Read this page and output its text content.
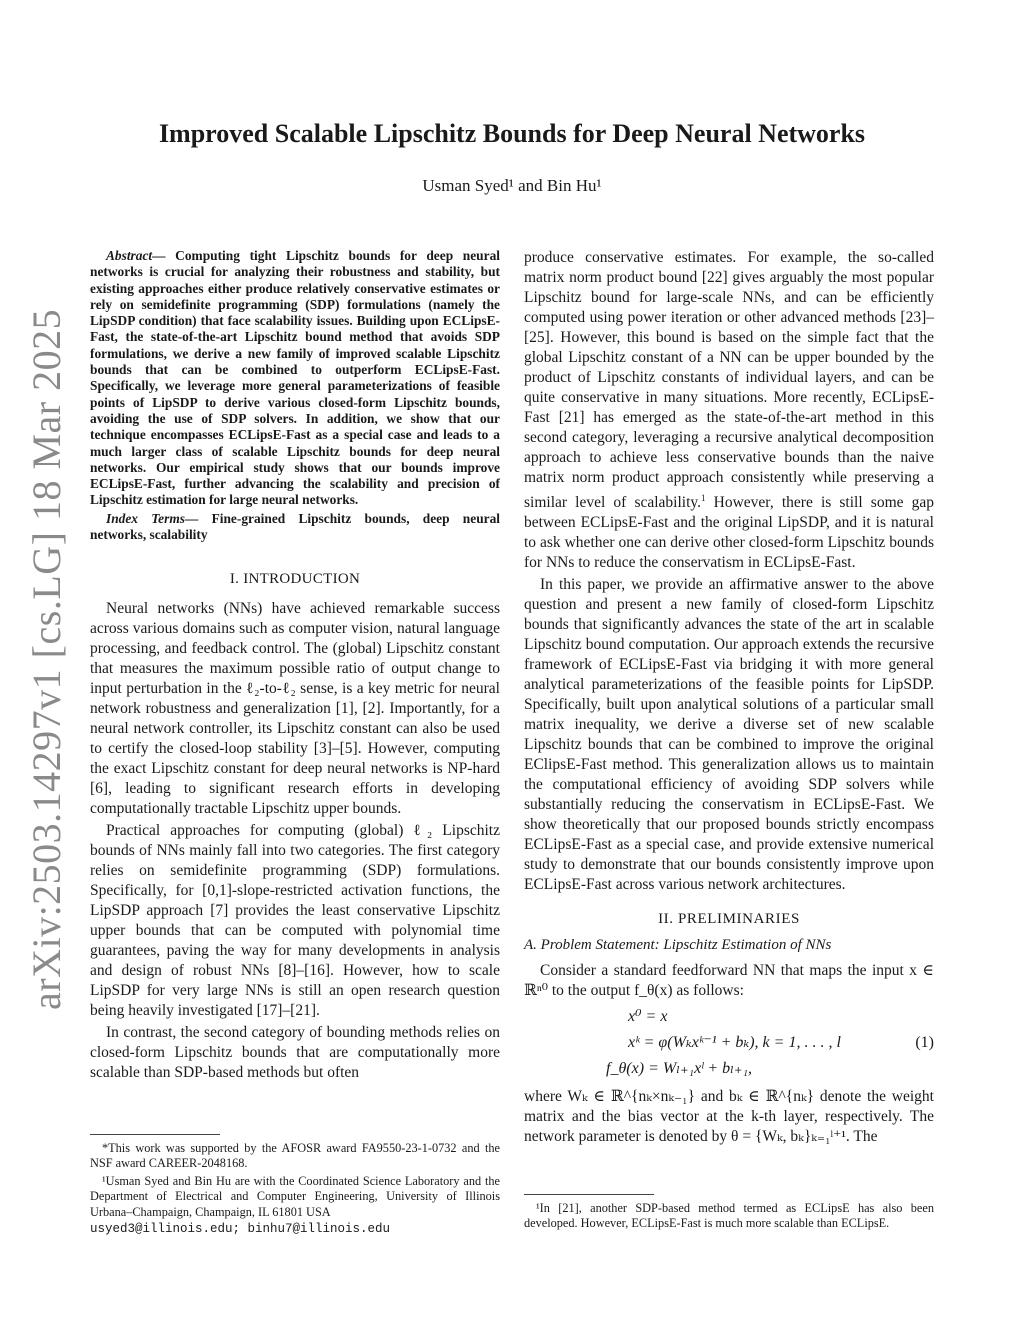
arXiv:2503.14297v1 [cs.LG] 18 Mar 2025
Improved Scalable Lipschitz Bounds for Deep Neural Networks

Usman Syed¹ and Bin Hu¹

Abstract— Computing tight Lipschitz bounds for deep neural networks is crucial for analyzing their robustness and stability, but existing approaches either produce relatively conservative estimates or rely on semidefinite programming (SDP) formulations (namely the LipSDP condition) that face scalability issues. Building upon ECLipsE-Fast, the state-of-the-art Lipschitz bound method that avoids SDP formulations, we derive a new family of improved scalable Lipschitz bounds that can be combined to outperform ECLipsE-Fast. Specifically, we leverage more general parameterizations of feasible points of LipSDP to derive various closed-form Lipschitz bounds, avoiding the use of SDP solvers. In addition, we show that our technique encompasses ECLipsE-Fast as a special case and leads to a much larger class of scalable Lipschitz bounds for deep neural networks. Our empirical study shows that our bounds improve ECLipsE-Fast, further advancing the scalability and precision of Lipschitz estimation for large neural networks.

Index Terms— Fine-grained Lipschitz bounds, deep neural networks, scalability

I. INTRODUCTION

Neural networks (NNs) have achieved remarkable success across various domains such as computer vision, natural language processing, and feedback control. The (global) Lipschitz constant that measures the maximum possible ratio of output change to input perturbation in the ℓ₂-to-ℓ₂ sense, is a key metric for neural network robustness and generalization [1], [2]. Importantly, for a neural network controller, its Lipschitz constant can also be used to certify the closed-loop stability [3]–[5]. However, computing the exact Lipschitz constant for deep neural networks is NP-hard [6], leading to significant research efforts in developing computationally tractable Lipschitz upper bounds.

Practical approaches for computing (global) ℓ₂ Lipschitz bounds of NNs mainly fall into two categories. The first category relies on semidefinite programming (SDP) formulations. Specifically, for [0,1]-slope-restricted activation functions, the LipSDP approach [7] provides the least conservative Lipschitz upper bounds that can be computed with polynomial time guarantees, paving the way for many developments in analysis and design of robust NNs [8]–[16]. However, how to scale LipSDP for very large NNs is still an open research question being heavily investigated [17]–[21].

In contrast, the second category of bounding methods relies on closed-form Lipschitz bounds that are computationally more scalable than SDP-based methods but often

*This work was supported by the AFOSR award FA9550-23-1-0732 and the NSF award CAREER-2048168.

¹Usman Syed and Bin Hu are with the Coordinated Science Laboratory and the Department of Electrical and Computer Engineering, University of Illinois Urbana–Champaign, Champaign, IL 61801 USA

usyed3@illinois.edu; binhu7@illinois.edu

produce conservative estimates. For example, the so-called matrix norm product bound [22] gives arguably the most popular Lipschitz bound for large-scale NNs, and can be efficiently computed using power iteration or other advanced methods [23]–[25]. However, this bound is based on the simple fact that the global Lipschitz constant of a NN can be upper bounded by the product of Lipschitz constants of individual layers, and can be quite conservative in many situations. More recently, ECLipsE-Fast [21] has emerged as the state-of-the-art method in this second category, leveraging a recursive analytical decomposition approach to achieve less conservative bounds than the naive matrix norm product approach consistently while preserving a similar level of scalability.$^1$ However, there is still some gap between ECLipsE-Fast and the original LipSDP, and it is natural to ask whether one can derive other closed-form Lipschitz bounds for NNs to reduce the conservatism in ECLipsE-Fast.

In this paper, we provide an affirmative answer to the above question and present a new family of closed-form Lipschitz bounds that significantly advances the state of the art in scalable Lipschitz bound computation. Our approach extends the recursive framework of ECLipsE-Fast via bridging it with more general analytical parameterizations of the feasible points for LipSDP. Specifically, built upon analytical solutions of a particular small matrix inequality, we derive a diverse set of new scalable Lipschitz bounds that can be combined to improve the original EClipsE-Fast method. This generalization allows us to maintain the computational efficiency of avoiding SDP solvers while substantially reducing the conservatism in ECLipsE-Fast. We show theoretically that our proposed bounds strictly encompass ECLipsE-Fast as a special case, and provide extensive numerical study to demonstrate that our bounds consistently improve upon ECLipsE-Fast across various network architectures.

II. PRELIMINARIES
A. Problem Statement: Lipschitz Estimation of NNs

Consider a standard feedforward NN that maps the input x ∈ ℝⁿ⁰ to the output f_θ(x) as follows:

x⁰ = x
xᵏ = φ(Wₖxᵏ⁻¹ + bₖ), k = 1, . . . , l
f_θ(x) = Wₗ₊₁xˡ + bₗ₊₁,
(1)

where Wₖ ∈ ℝ^{nₖ×nₖ₋₁} and bₖ ∈ ℝ^{nₖ} denote the weight matrix and the bias vector at the k-th layer, respectively. The network parameter is denoted by θ = {Wₖ, bₖ}ₖ₌₁ˡ⁺¹. The

¹In [21], another SDP-based method termed as ECLipsE has also been developed. However, ECLipsE-Fast is much more scalable than ECLipsE.
